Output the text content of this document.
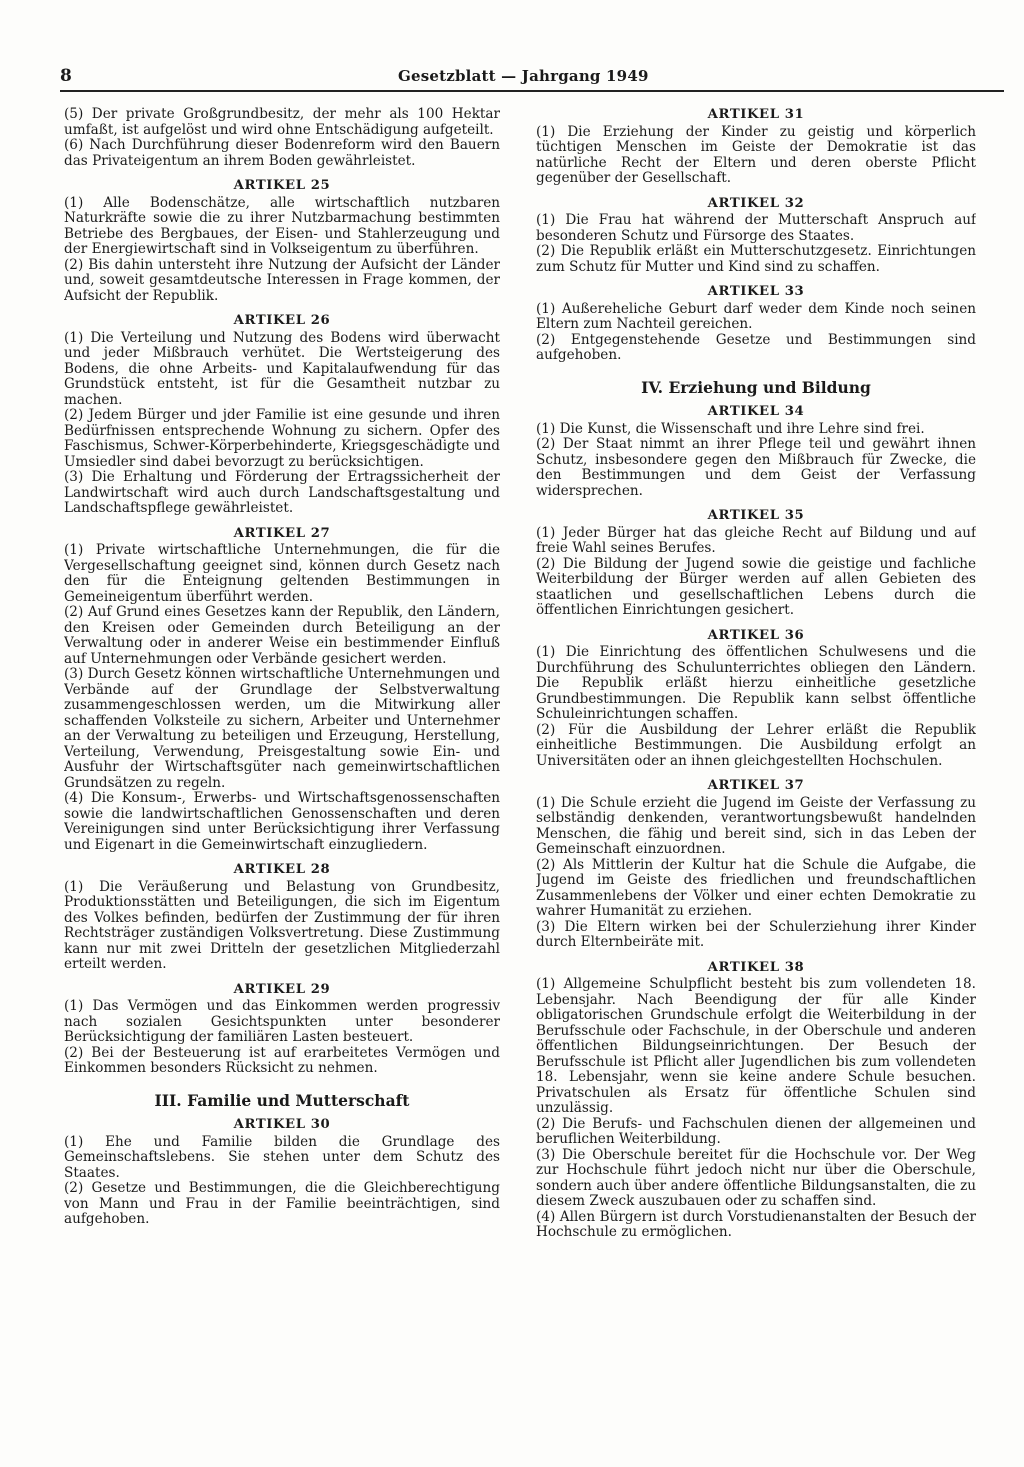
8	Gesetzblatt — Jahrgang 1949
(5) Der private Großgrundbesitz, der mehr als 100 Hektar umfaßt, ist aufgelöst und wird ohne Entschädigung aufgeteilt.
(6) Nach Durchführung dieser Bodenreform wird den Bauern das Privateigentum an ihrem Boden gewährleistet.
ARTIKEL 25
(1) Alle Bodenschätze, alle wirtschaftlich nutzbaren Naturkräfte sowie die zu ihrer Nutzbarmachung bestimmten Betriebe des Bergbaues, der Eisen- und Stahlerzeugung und der Energiewirtschaft sind in Volkseigentum zu überführen.
(2) Bis dahin untersteht ihre Nutzung der Aufsicht der Länder und, soweit gesamtdeutsche Interessen in Frage kommen, der Aufsicht der Republik.
ARTIKEL 26
(1) Die Verteilung und Nutzung des Bodens wird überwacht und jeder Mißbrauch verhütet. Die Wertsteigerung des Bodens, die ohne Arbeits- und Kapitalaufwendung für das Grundstück entsteht, ist für die Gesamtheit nutzbar zu machen.
(2) Jedem Bürger und jder Familie ist eine gesunde und ihren Bedürfnissen entsprechende Wohnung zu sichern. Opfer des Faschismus, Schwer-Körperbehinderte, Kriegsgeschädigte und Umsiedler sind dabei bevorzugt zu berücksichtigen.
(3) Die Erhaltung und Förderung der Ertragssicherheit der Landwirtschaft wird auch durch Landschaftsgestaltung und Landschaftspflege gewährleistet.
ARTIKEL 27
(1) Private wirtschaftliche Unternehmungen, die für die Vergesellschaftung geeignet sind, können durch Gesetz nach den für die Enteignung geltenden Bestimmungen in Gemeineigentum überführt werden.
(2) Auf Grund eines Gesetzes kann der Republik, den Ländern, den Kreisen oder Gemeinden durch Beteiligung an der Verwaltung oder in anderer Weise ein bestimmender Einfluß auf Unternehmungen oder Verbände gesichert werden.
(3) Durch Gesetz können wirtschaftliche Unternehmungen und Verbände auf der Grundlage der Selbstverwaltung zusammengeschlossen werden, um die Mitwirkung aller schaffenden Volksteile zu sichern, Arbeiter und Unternehmer an der Verwaltung zu beteiligen und Erzeugung, Herstellung, Verteilung, Verwendung, Preisgestaltung sowie Ein- und Ausfuhr der Wirtschaftsgüter nach gemeinwirtschaftlichen Grundsätzen zu regeln.
(4) Die Konsum-, Erwerbs- und Wirtschaftsgenossenschaften sowie die landwirtschaftlichen Genossenschaften und deren Vereinigungen sind unter Berücksichtigung ihrer Verfassung und Eigenart in die Gemeinwirtschaft einzugliedern.
ARTIKEL 28
(1) Die Veräußerung und Belastung von Grundbesitz, Produktionsstätten und Beteiligungen, die sich im Eigentum des Volkes befinden, bedürfen der Zustimmung der für ihren Rechtsträger zuständigen Volksvertretung. Diese Zustimmung kann nur mit zwei Dritteln der gesetzlichen Mitgliederzahl erteilt werden.
ARTIKEL 29
(1) Das Vermögen und das Einkommen werden progressiv nach sozialen Gesichtspunkten unter besonderer Berücksichtigung der familiären Lasten besteuert.
(2) Bei der Besteuerung ist auf erarbeitetes Vermögen und Einkommen besonders Rücksicht zu nehmen.
III. Familie und Mutterschaft
ARTIKEL 30
(1) Ehe und Familie bilden die Grundlage des Gemeinschaftslebens. Sie stehen unter dem Schutz des Staates.
(2) Gesetze und Bestimmungen, die die Gleichberechtigung von Mann und Frau in der Familie beeinträchtigen, sind aufgehoben.
ARTIKEL 31
(1) Die Erziehung der Kinder zu geistig und körperlich tüchtigen Menschen im Geiste der Demokratie ist das natürliche Recht der Eltern und deren oberste Pflicht gegenüber der Gesellschaft.
ARTIKEL 32
(1) Die Frau hat während der Mutterschaft Anspruch auf besonderen Schutz und Fürsorge des Staates.
(2) Die Republik erläßt ein Mutterschutzgesetz. Einrichtungen zum Schutz für Mutter und Kind sind zu schaffen.
ARTIKEL 33
(1) Außereheliche Geburt darf weder dem Kinde noch seinen Eltern zum Nachteil gereichen.
(2) Entgegenstehende Gesetze und Bestimmungen sind aufgehoben.
IV. Erziehung und Bildung
ARTIKEL 34
(1) Die Kunst, die Wissenschaft und ihre Lehre sind frei.
(2) Der Staat nimmt an ihrer Pflege teil und gewährt ihnen Schutz, insbesondere gegen den Mißbrauch für Zwecke, die den Bestimmungen und dem Geist der Verfassung widersprechen.
ARTIKEL 35
(1) Jeder Bürger hat das gleiche Recht auf Bildung und auf freie Wahl seines Berufes.
(2) Die Bildung der Jugend sowie die geistige und fachliche Weiterbildung der Bürger werden auf allen Gebieten des staatlichen und gesellschaftlichen Lebens durch die öffentlichen Einrichtungen gesichert.
ARTIKEL 36
(1) Die Einrichtung des öffentlichen Schulwesens und die Durchführung des Schulunterrichtes obliegen den Ländern. Die Republik erläßt hierzu einheitliche gesetzliche Grundbestimmungen. Die Republik kann selbst öffentliche Schuleinrichtungen schaffen.
(2) Für die Ausbildung der Lehrer erläßt die Republik einheitliche Bestimmungen. Die Ausbildung erfolgt an Universitäten oder an ihnen gleichgestellten Hochschulen.
ARTIKEL 37
(1) Die Schule erzieht die Jugend im Geiste der Verfassung zu selbständig denkenden, verantwortungsbewußt handelnden Menschen, die fähig und bereit sind, sich in das Leben der Gemeinschaft einzuordnen.
(2) Als Mittlerin der Kultur hat die Schule die Aufgabe, die Jugend im Geiste des friedlichen und freundschaftlichen Zusammenlebens der Völker und einer echten Demokratie zu wahrer Humanität zu erziehen.
(3) Die Eltern wirken bei der Schulerziehung ihrer Kinder durch Elternbeiräte mit.
ARTIKEL 38
(1) Allgemeine Schulpflicht besteht bis zum vollendeten 18. Lebensjahr. Nach Beendigung der für alle Kinder obligatorischen Grundschule erfolgt die Weiterbildung in der Berufsschule oder Fachschule, in der Oberschule und anderen öffentlichen Bildungseinrichtungen. Der Besuch der Berufsschule ist Pflicht aller Jugendlichen bis zum vollendeten 18. Lebensjahr, wenn sie keine andere Schule besuchen. Privatschulen als Ersatz für öffentliche Schulen sind unzulässig.
(2) Die Berufs- und Fachschulen dienen der allgemeinen und beruflichen Weiterbildung.
(3) Die Oberschule bereitet für die Hochschule vor. Der Weg zur Hochschule führt jedoch nicht nur über die Oberschule, sondern auch über andere öffentliche Bildungsanstalten, die zu diesem Zweck auszubauen oder zu schaffen sind.
(4) Allen Bürgern ist durch Vorstudienanstalten der Besuch der Hochschule zu ermöglichen.
